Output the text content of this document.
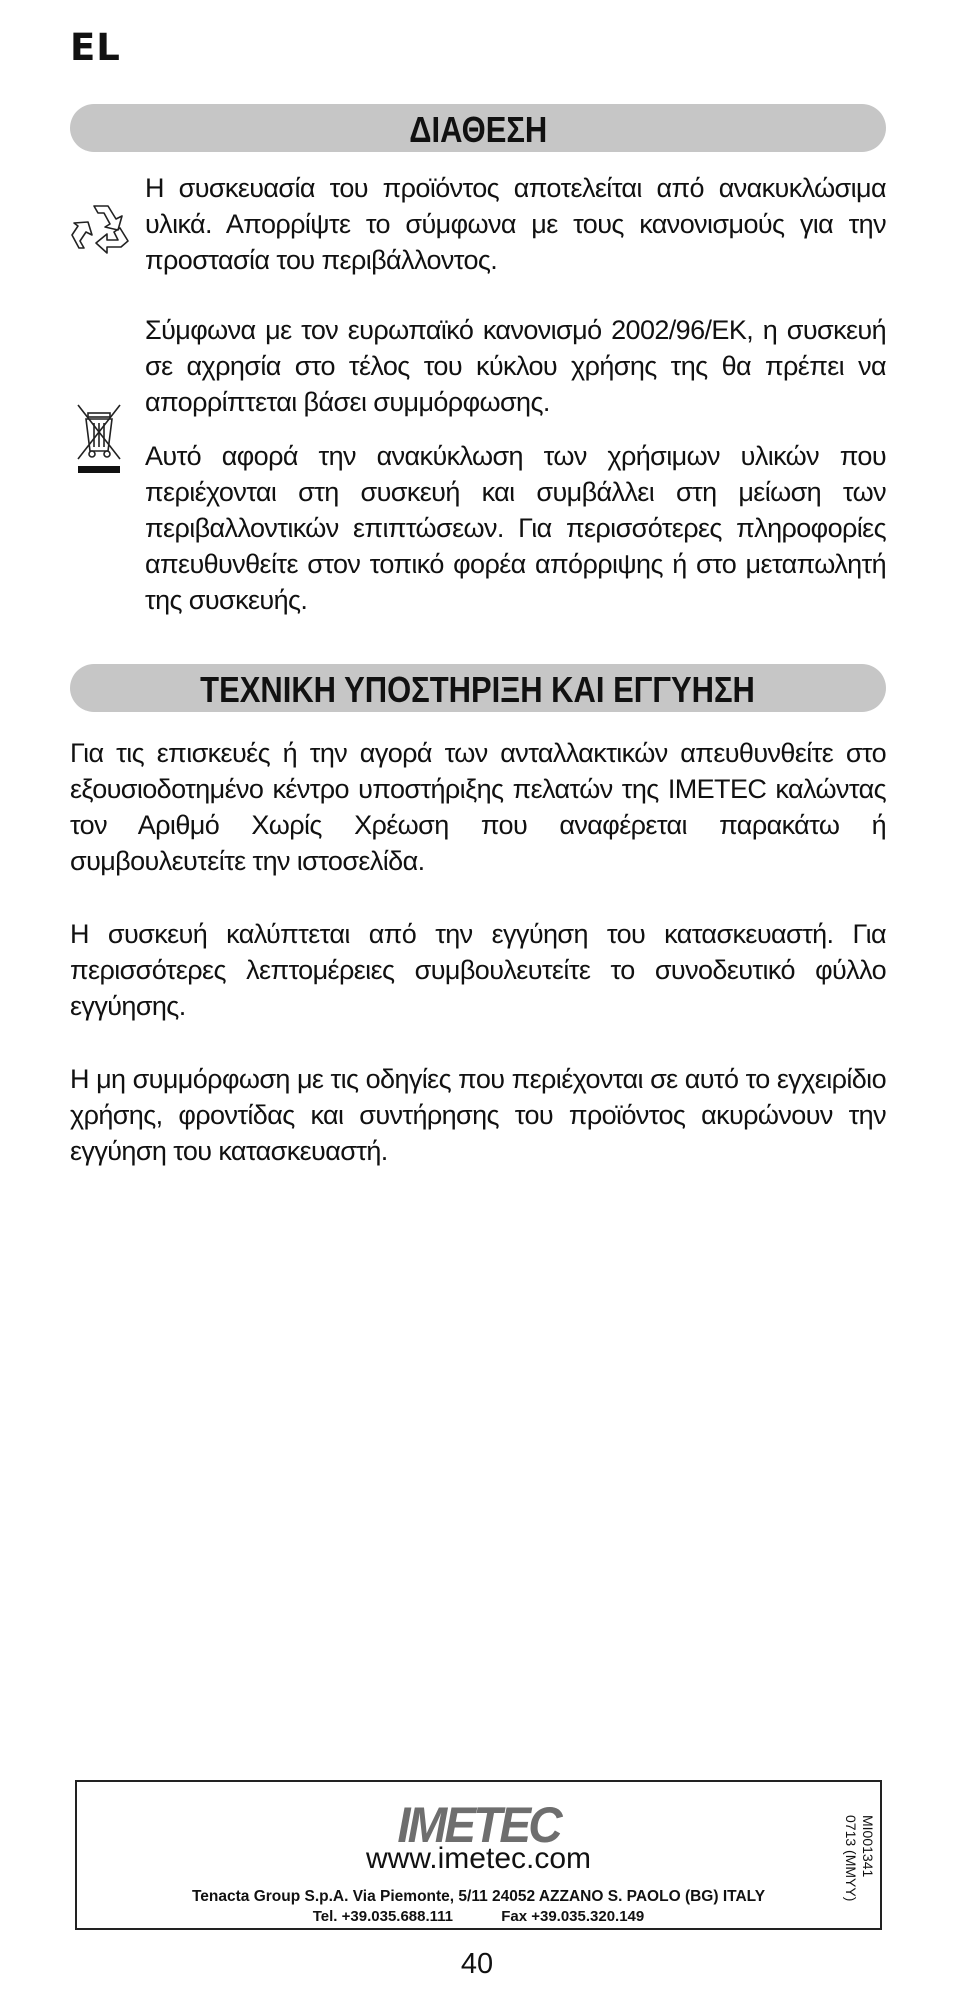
EL
ΔΙΑΘΕΣΗ

Η συσκευασία του προϊόντος αποτελείται από ανακυκλώσιμα υλικά. Απορρίψτε το σύμφωνα με τους κανονισμούς για την προστασία του περιβάλλοντος.

Σύμφωνα με τον ευρωπαϊκό κανονισμό 2002/96/ΕΚ, η συσκευή σε αχρησία στο τέλος του κύκλου χρήσης της θα πρέπει να απορρίπτεται βάσει συμμόρφωσης.

Αυτό αφορά την ανακύκλωση των χρήσιμων υλικών που περιέχονται στη συσκευή και συμβάλλει στη μείωση των περιβαλλοντικών επιπτώσεων. Για περισσότερες πληροφορίες απευθυνθείτε στον τοπικό φορέα απόρριψης ή στο μεταπωλητή της συσκευής.

ΤΕΧΝΙΚΗ ΥΠΟΣΤΗΡΙΞΗ ΚΑΙ ΕΓΓΥΗΣΗ

Για τις επισκευές ή την αγορά των ανταλλακτικών απευθυνθείτε στο εξουσιοδοτημένο κέντρο υποστήριξης πελατών της IMETEC καλώντας τον Αριθμό Χωρίς Χρέωση που αναφέρεται παρακάτω ή συμβουλευτείτε την ιστοσελίδα.

Η συσκευή καλύπτεται από την εγγύηση του κατασκευαστή. Για περισσότερες λεπτομέρειες συμβουλευτείτε το συνοδευτικό φύλλο εγγύησης.

Η μη συμμόρφωση με τις οδηγίες που περιέχονται σε αυτό το εγχειρίδιο χρήσης, φροντίδας και συντήρησης του προϊόντος ακυρώνουν την εγγύηση του κατασκευαστή.

IMETEC
www.imetec.com
Tenacta Group S.p.A. Via Piemonte, 5/11 24052 AZZANO S. PAOLO (BG) ITALY
Tel. +39.035.688.111	Fax +39.035.320.149
MI001341
0713 (MMYY)
40
